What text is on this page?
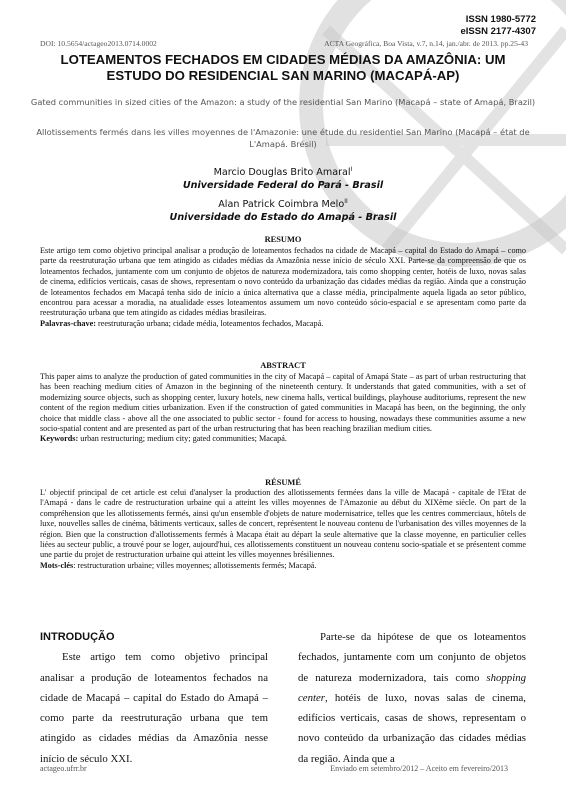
ISSN 1980-5772
eISSN 2177-4307
DOI: 10.5654/actageo2013.0714.0002	ACTA Geográfica, Boa Vista, v.7, n.14, jan./abr. de 2013. pp.25-43
LOTEAMENTOS FECHADOS EM CIDADES MÉDIAS DA AMAZÔNIA: UM
ESTUDO DO RESIDENCIAL SAN MARINO (MACAPÁ-AP)
Gated communities in sized cities of the Amazon: a study of the residential San Marino (Macapá – state of Amapá, Brazil)
Allotissements fermés dans les villes moyennes de l'Amazonie: une étude du residentiel San Marino (Macapá – état de L'Amapá. Brésil)
Marcio Douglas Brito Amaral$^I$
Universidade Federal do Pará - Brasil
Alan Patrick Coimbra Melo$^{II}$
Universidade do Estado do Amapá - Brasil
RESUMO
Este artigo tem como objetivo principal analisar a produção de loteamentos fechados na cidade de Macapá – capital do Estado do Amapá – como parte da reestruturação urbana que tem atingido as cidades médias da Amazônia nesse início de século XXI. Parte-se da compreensão de que os loteamentos fechados, juntamente com um conjunto de objetos de natureza modernizadora, tais como shopping center, hotéis de luxo, novas salas de cinema, edifícios verticais, casas de shows, representam o novo conteúdo da urbanização das cidades médias da região. Ainda que a construção de loteamentos fechados em Macapá tenha sido de início a única alternativa que a classe média, principalmente aquela ligada ao setor público, encontrou para acessar a moradia, na atualidade esses loteamentos assumem um novo conteúdo sócio-espacial e se apresentam como parte da reestruturação urbana que tem atingido as cidades médias brasileiras.
Palavras-chave: reestruturação urbana; cidade média, loteamentos fechados, Macapá.
ABSTRACT
This paper aims to analyze the production of gated communities in the city of Macapá – capital of Amapá State – as part of urban restructuring that has been reaching medium cities of Amazon in the beginning of the nineteenth century. It understands that gated communities, with a set of modernizing source objects, such as shopping center, luxury hotels, new cinema halls, vertical buildings, playhouse auditoriums, represent the new content of the region medium cities urbanization. Even if the construction of gated communities in Macapá has been, on the beginning, the only choice that middle class - above all the one associated to public sector - found for access to housing, nowadays these communities assume a new socio-spatial content and are presented as part of the urban restructuring that has been reaching brazilian medium cities.
Keywords: urban restructuring; medium city; gated communities; Macapá.
RÉSUMÉ
L' objectif principal de cet article est celui d'analyser la production des allotissements fermées dans la ville de Macapá - capitale de l'Etat de l'Amapá - dans le cadre de restructuration urbaine qui a atteint les villes moyennes de l'Amazonie au début du XIXème siècle. On part de la compréhension que les allotissements fermés, ainsi qu'un ensemble d'objets de nature modernisatrice, telles que les centres commerciaux, hôtels de luxe, nouvelles salles de cinéma, bâtiments verticaux, salles de concert, représentent le nouveau contenu de l'urbanisation des villes moyennes de la région. Bien que la construction d'allotissements fermés à Macapa était au départ la seule alternative que la classe moyenne, en particulier celles liées au secteur public, a trouvé pour se loger, aujourd'hui, ces allotissements constituent un nouveau contenu socio-spatiale et se présentent comme une partie du projet de restructuration urbaine qui atteint les villes moyennes brésiliennes.
Mots-clés: restructuration urbaine; villes moyennes; allotissements fermés; Macapá.

INTRODUÇÃO

Este artigo tem como objetivo principal analisar a produção de loteamentos fechados na cidade de Macapá – capital do Estado do Amapá – como parte da reestruturação urbana que tem atingido as cidades médias da Amazônia nesse início de século XXI.

Parte-se da hipótese de que os loteamentos fechados, juntamente com um conjunto de objetos de natureza modernizadora, tais como shopping center, hotéis de luxo, novas salas de cinema, edifícios verticais, casas de shows, representam o novo conteúdo da urbanização das cidades médias da região. Ainda que a

actageo.ufrr.br	Enviado em setembro/2012 – Aceito em fevereiro/2013
